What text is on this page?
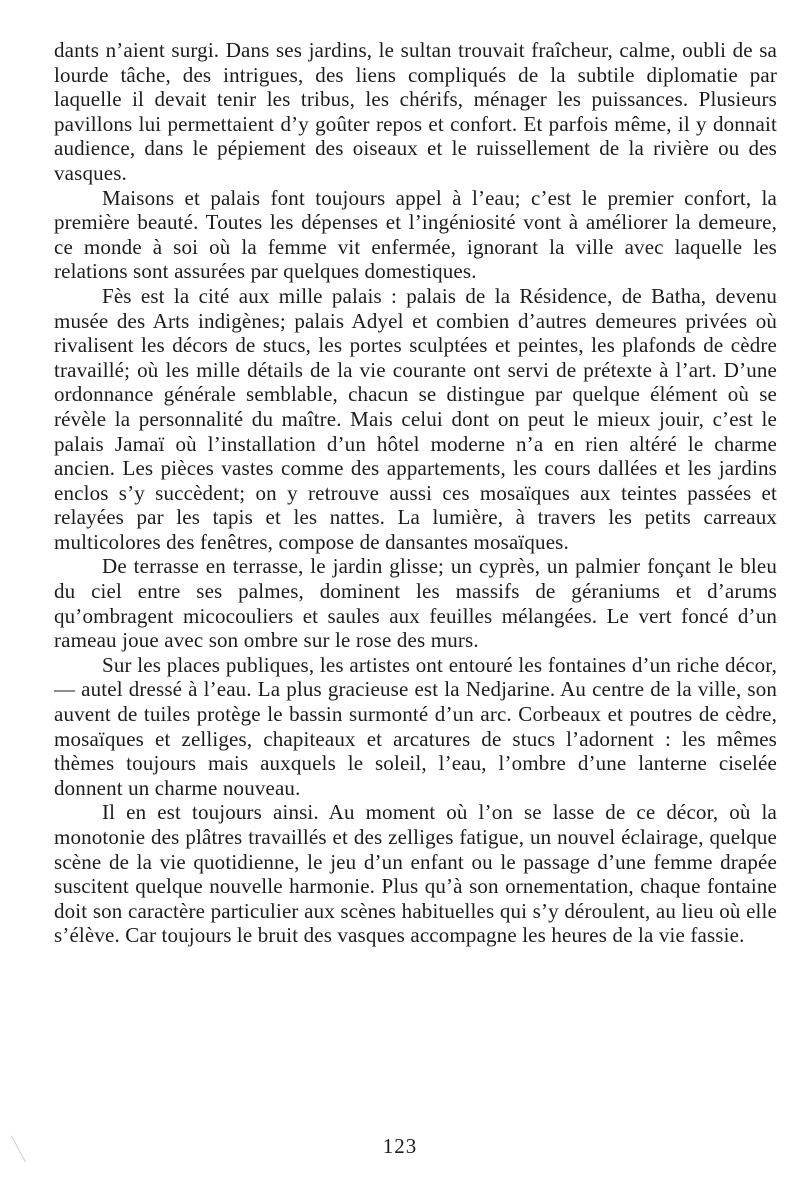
dants n’aient surgi. Dans ses jardins, le sultan trouvait fraîcheur, calme, oubli de sa lourde tâche, des intrigues, des liens compliqués de la subtile diplomatie par laquelle il devait tenir les tribus, les chérifs, ménager les puissances. Plusieurs pavillons lui permettaient d’y goûter repos et confort. Et parfois même, il y donnait audience, dans le pépiement des oiseaux et le ruissellement de la rivière ou des vasques.

Maisons et palais font toujours appel à l’eau; c’est le premier confort, la première beauté. Toutes les dépenses et l’ingéniosité vont à améliorer la demeure, ce monde à soi où la femme vit enfermée, ignorant la ville avec laquelle les relations sont assurées par quelques domestiques.

Fès est la cité aux mille palais : palais de la Résidence, de Batha, devenu musée des Arts indigènes; palais Adyel et combien d’autres demeures privées où rivalisent les décors de stucs, les portes sculptées et peintes, les plafonds de cèdre travaillé; où les mille détails de la vie courante ont servi de prétexte à l’art. D’une ordonnance générale semblable, chacun se distingue par quelque élément où se révèle la personnalité du maître. Mais celui dont on peut le mieux jouir, c’est le palais Jamaï où l’installation d’un hôtel moderne n’a en rien altéré le charme ancien. Les pièces vastes comme des appartements, les cours dallées et les jardins enclos s’y succèdent; on y retrouve aussi ces mosaïques aux teintes passées et relayées par les tapis et les nattes. La lumière, à travers les petits carreaux multicolores des fenêtres, compose de dansantes mosaïques.

De terrasse en terrasse, le jardin glisse; un cyprès, un palmier fonçant le bleu du ciel entre ses palmes, dominent les massifs de géraniums et d’arums qu’ombragent micocouliers et saules aux feuilles mélangées. Le vert foncé d’un rameau joue avec son ombre sur le rose des murs.

Sur les places publiques, les artistes ont entouré les fontaines d’un riche décor, — autel dressé à l’eau. La plus gracieuse est la Nedjarine. Au centre de la ville, son auvent de tuiles protège le bassin surmonté d’un arc. Corbeaux et poutres de cèdre, mosaïques et zelliges, chapiteaux et arcatures de stucs l’adornent : les mêmes thèmes toujours mais auxquels le soleil, l’eau, l’ombre d’une lanterne ciselée donnent un charme nouveau.

Il en est toujours ainsi. Au moment où l’on se lasse de ce décor, où la monotonie des plâtres travaillés et des zelliges fatigue, un nouvel éclairage, quelque scène de la vie quotidienne, le jeu d’un enfant ou le passage d’une femme drapée suscitent quelque nouvelle harmonie. Plus qu’à son ornementation, chaque fontaine doit son caractère particulier aux scènes habituelles qui s’y déroulent, au lieu où elle s’élève. Car toujours le bruit des vasques accompagne les heures de la vie fassie.

123
